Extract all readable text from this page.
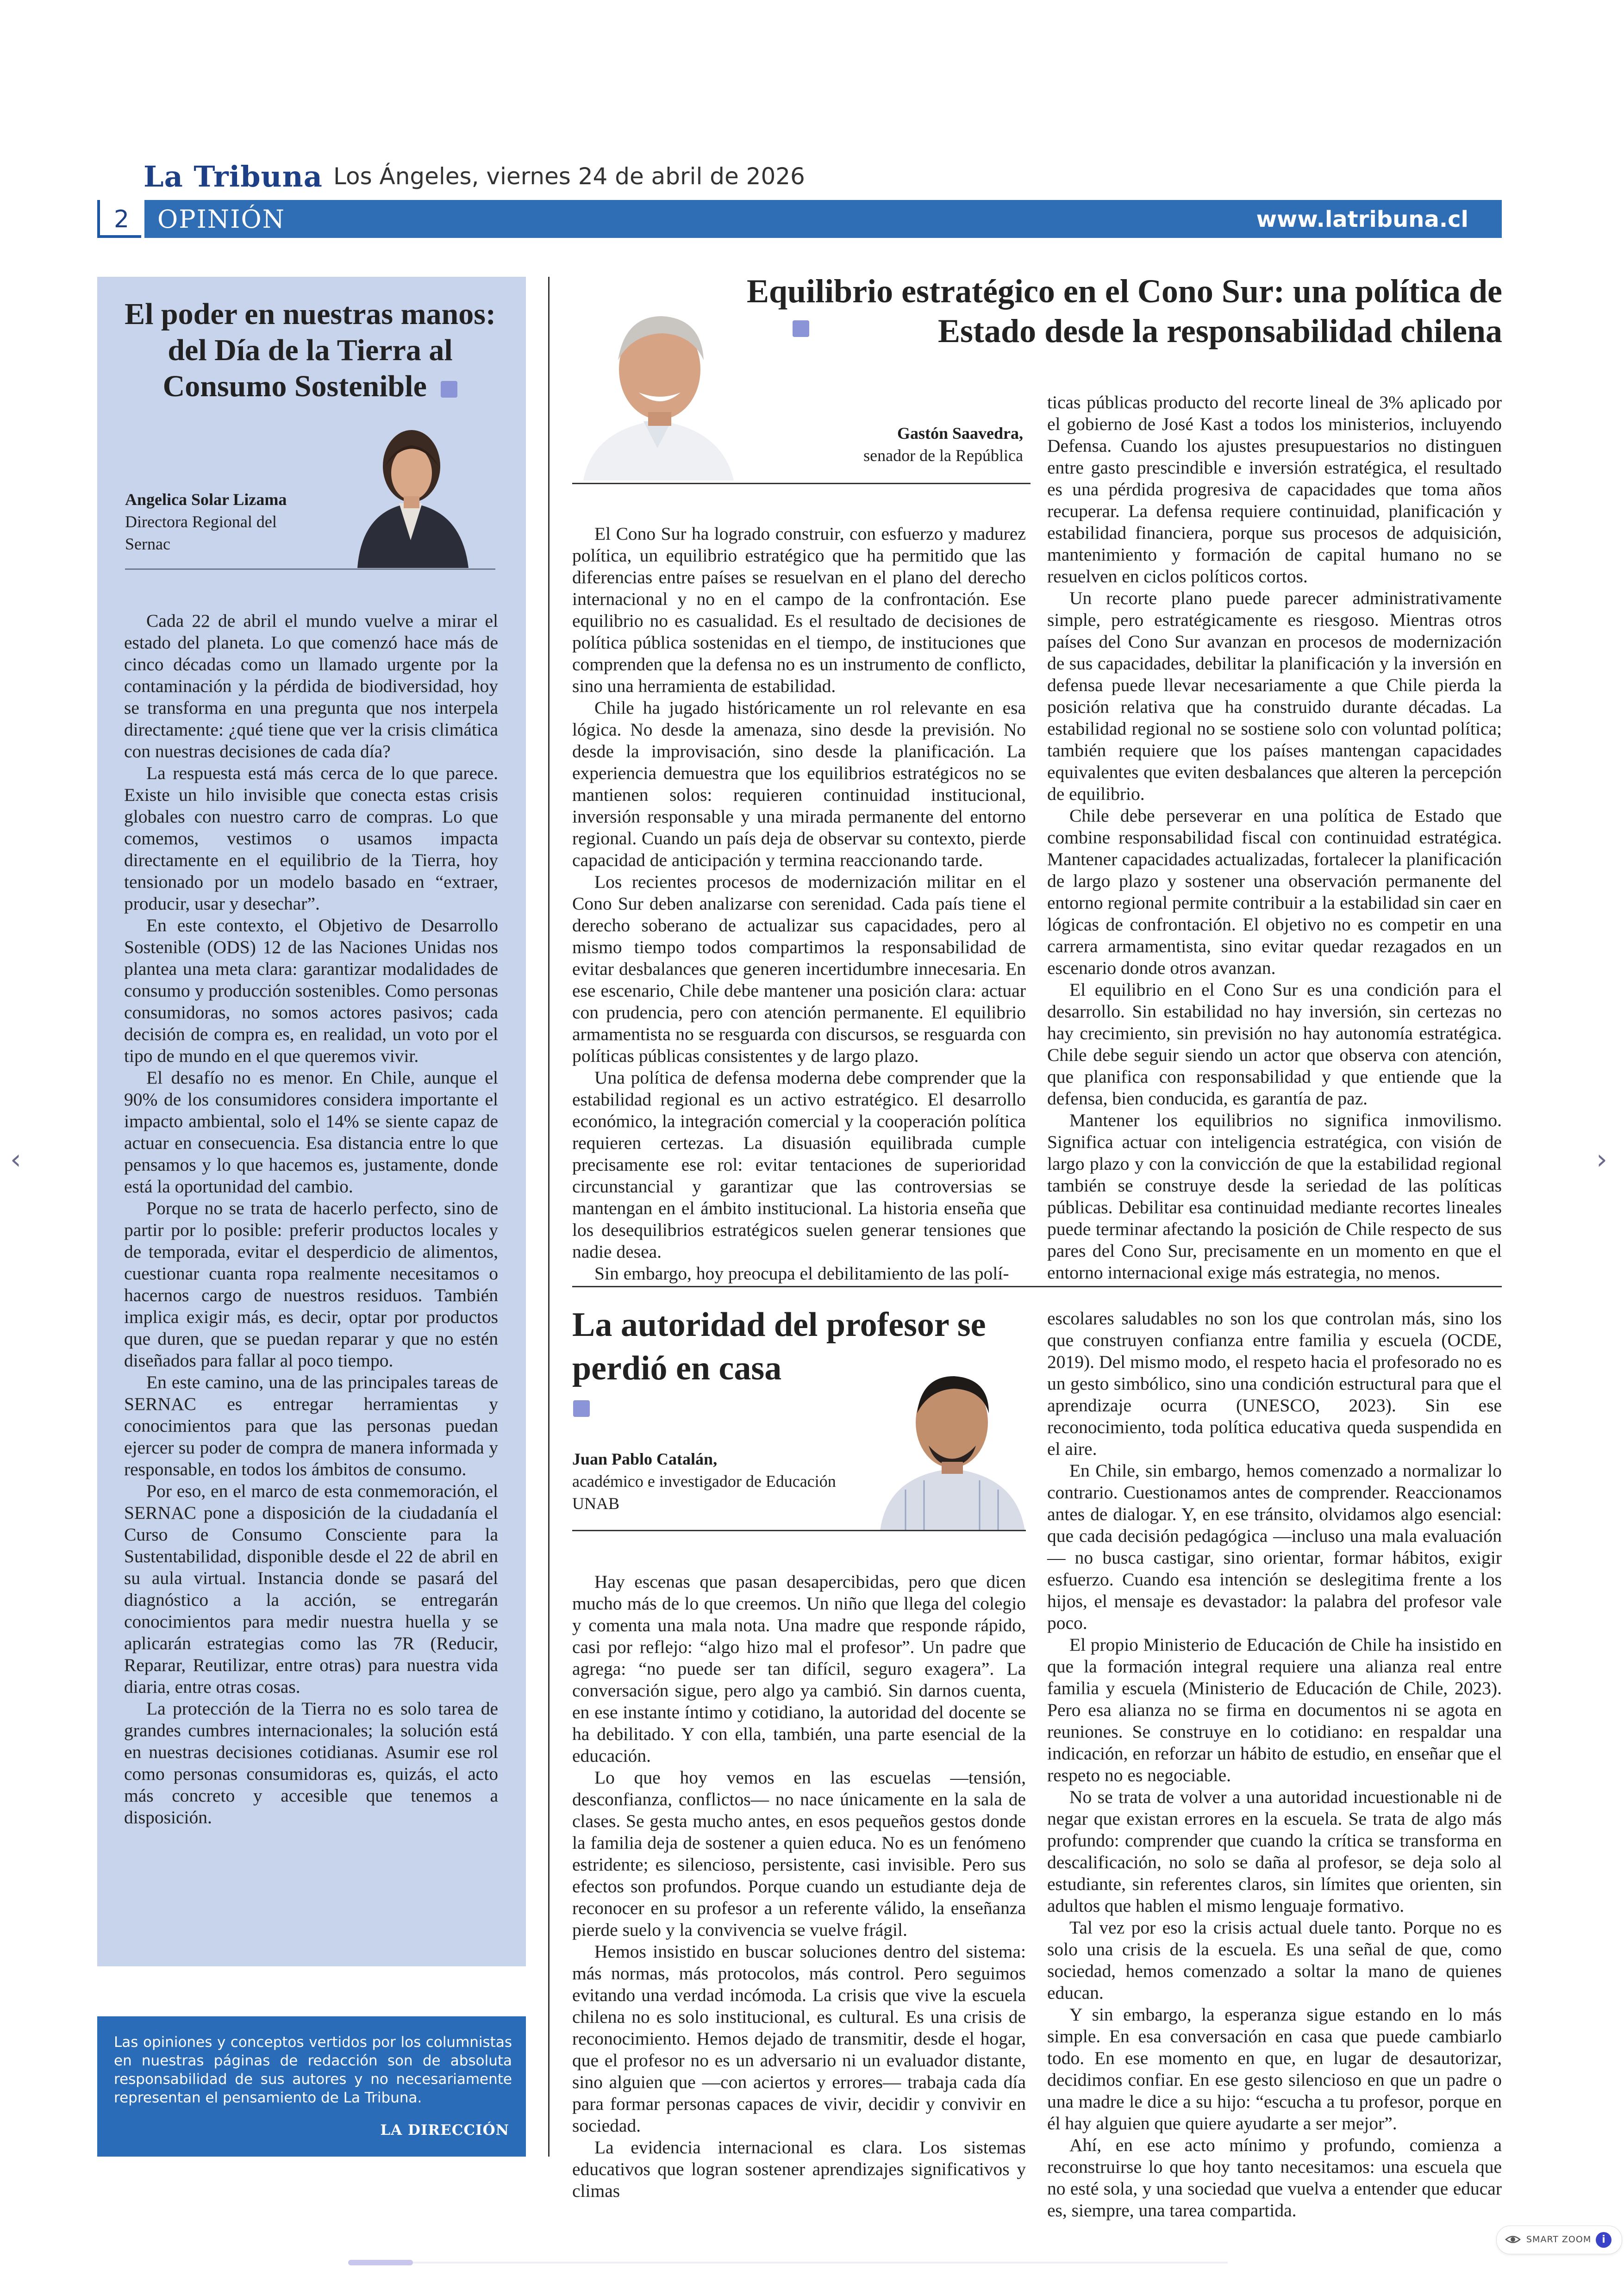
La Tribuna Los Ángeles, viernes 24 de abril de 2026
2	OPINIÓN	www.latribuna.cl
El poder en nuestras manos: del Día de la Tierra al Consumo Sostenible
Angelica Solar Lizama
Directora Regional del Sernac

Cada 22 de abril el mundo vuelve a mirar el estado del planeta. Lo que comenzó hace más de cinco décadas como un llamado urgente por la contaminación y la pérdida de biodiversidad, hoy se transforma en una pregunta que nos interpela directamente: ¿qué tiene que ver la crisis climática con nuestras decisiones de cada día?

La respuesta está más cerca de lo que parece. Existe un hilo invisible que conecta estas crisis globales con nuestro carro de compras. Lo que comemos, vestimos o usamos impacta directamente en el equilibrio de la Tierra, hoy tensionado por un modelo basado en “extraer, producir, usar y desechar”.

En este contexto, el Objetivo de Desarrollo Sostenible (ODS) 12 de las Naciones Unidas nos plantea una meta clara: garantizar modalidades de consumo y producción sostenibles. Como personas consumidoras, no somos actores pasivos; cada decisión de compra es, en realidad, un voto por el tipo de mundo en el que queremos vivir.

El desafío no es menor. En Chile, aunque el 90% de los consumidores considera importante el impacto ambiental, solo el 14% se siente capaz de actuar en consecuencia. Esa distancia entre lo que pensamos y lo que hacemos es, justamente, donde está la oportunidad del cambio.

Porque no se trata de hacerlo perfecto, sino de partir por lo posible: preferir productos locales y de temporada, evitar el desperdicio de alimentos, cuestionar cuanta ropa realmente necesitamos o hacernos cargo de nuestros residuos. También implica exigir más, es decir, optar por productos que duren, que se puedan reparar y que no estén diseñados para fallar al poco tiempo.

En este camino, una de las principales tareas de SERNAC es entregar herramientas y conocimientos para que las personas puedan ejercer su poder de compra de manera informada y responsable, en todos los ámbitos de consumo.

Por eso, en el marco de esta conmemoración, el SERNAC pone a disposición de la ciudadanía el Curso de Consumo Consciente para la Sustentabilidad, disponible desde el 22 de abril en su aula virtual. Instancia donde se pasará del diagnóstico a la acción, se entregarán conocimientos para medir nuestra huella y se aplicarán estrategias como las 7R (Reducir, Reparar, Reutilizar, entre otras) para nuestra vida diaria, entre otras cosas.

La protección de la Tierra no es solo tarea de grandes cumbres internacionales; la solución está en nuestras decisiones cotidianas. Asumir ese rol como personas consumidoras es, quizás, el acto más concreto y accesible que tenemos a disposición.

Las opiniones y conceptos vertidos por los columnistas en nuestras páginas de redacción son de absoluta responsabilidad de sus autores y no necesariamente representan el pensamiento de La Tribuna.
LA DIRECCIÓN
Equilibrio estratégico en el Cono Sur: una política de Estado desde la responsabilidad chilena
Gastón Saavedra,
senador de la República

El Cono Sur ha logrado construir, con esfuerzo y madurez política, un equilibrio estratégico que ha permitido que las diferencias entre países se resuelvan en el plano del derecho internacional y no en el campo de la confrontación. Ese equilibrio no es casualidad. Es el resultado de decisiones de política pública sostenidas en el tiempo, de instituciones que comprenden que la defensa no es un instrumento de conflicto, sino una herramienta de estabilidad.

Chile ha jugado históricamente un rol relevante en esa lógica. No desde la amenaza, sino desde la previsión. No desde la improvisación, sino desde la planificación. La experiencia demuestra que los equilibrios estratégicos no se mantienen solos: requieren continuidad institucional, inversión responsable y una mirada permanente del entorno regional. Cuando un país deja de observar su contexto, pierde capacidad de anticipación y termina reaccionando tarde.

Los recientes procesos de modernización militar en el Cono Sur deben analizarse con serenidad. Cada país tiene el derecho soberano de actualizar sus capacidades, pero al mismo tiempo todos compartimos la responsabilidad de evitar desbalances que generen incertidumbre innecesaria. En ese escenario, Chile debe mantener una posición clara: actuar con prudencia, pero con atención permanente. El equilibrio armamentista no se resguarda con discursos, se resguarda con políticas públicas consistentes y de largo plazo.

Una política de defensa moderna debe comprender que la estabilidad regional es un activo estratégico. El desarrollo económico, la integración comercial y la cooperación política requieren certezas. La disuasión equilibrada cumple precisamente ese rol: evitar tentaciones de superioridad circunstancial y garantizar que las controversias se mantengan en el ámbito institucional. La historia enseña que los desequilibrios estratégicos suelen generar tensiones que nadie desea.

Sin embargo, hoy preocupa el debilitamiento de las polí-

ticas públicas producto del recorte lineal de 3% aplicado por el gobierno de José Kast a todos los ministerios, incluyendo Defensa. Cuando los ajustes presupuestarios no distinguen entre gasto prescindible e inversión estratégica, el resultado es una pérdida progresiva de capacidades que toma años recuperar. La defensa requiere continuidad, planificación y estabilidad financiera, porque sus procesos de adquisición, mantenimiento y formación de capital humano no se resuelven en ciclos políticos cortos.

Un recorte plano puede parecer administrativamente simple, pero estratégicamente es riesgoso. Mientras otros países del Cono Sur avanzan en procesos de modernización de sus capacidades, debilitar la planificación y la inversión en defensa puede llevar necesariamente a que Chile pierda la posición relativa que ha construido durante décadas. La estabilidad regional no se sostiene solo con voluntad política; también requiere que los países mantengan capacidades equivalentes que eviten desbalances que alteren la percepción de equilibrio.

Chile debe perseverar en una política de Estado que combine responsabilidad fiscal con continuidad estratégica. Mantener capacidades actualizadas, fortalecer la planificación de largo plazo y sostener una observación permanente del entorno regional permite contribuir a la estabilidad sin caer en lógicas de confrontación. El objetivo no es competir en una carrera armamentista, sino evitar quedar rezagados en un escenario donde otros avanzan.

El equilibrio en el Cono Sur es una condición para el desarrollo. Sin estabilidad no hay inversión, sin certezas no hay crecimiento, sin previsión no hay autonomía estratégica. Chile debe seguir siendo un actor que observa con atención, que planifica con responsabilidad y que entiende que la defensa, bien conducida, es garantía de paz.

Mantener los equilibrios no significa inmovilismo. Significa actuar con inteligencia estratégica, con visión de largo plazo y con la convicción de que la estabilidad regional también se construye desde la seriedad de las políticas públicas. Debilitar esa continuidad mediante recortes lineales puede terminar afectando la posición de Chile respecto de sus pares del Cono Sur, precisamente en un momento en que el entorno internacional exige más estrategia, no menos.

La autoridad del profesor se perdió en casa
Juan Pablo Catalán,
académico e investigador de Educación UNAB

Hay escenas que pasan desapercibidas, pero que dicen mucho más de lo que creemos. Un niño que llega del colegio y comenta una mala nota. Una madre que responde rápido, casi por reflejo: “algo hizo mal el profesor”. Un padre que agrega: “no puede ser tan difícil, seguro exagera”. La conversación sigue, pero algo ya cambió. Sin darnos cuenta, en ese instante íntimo y cotidiano, la autoridad del docente se ha debilitado. Y con ella, también, una parte esencial de la educación.

Lo que hoy vemos en las escuelas —tensión, desconfianza, conflictos— no nace únicamente en la sala de clases. Se gesta mucho antes, en esos pequeños gestos donde la familia deja de sostener a quien educa. No es un fenómeno estridente; es silencioso, persistente, casi invisible. Pero sus efectos son profundos. Porque cuando un estudiante deja de reconocer en su profesor a un referente válido, la enseñanza pierde suelo y la convivencia se vuelve frágil.

Hemos insistido en buscar soluciones dentro del sistema: más normas, más protocolos, más control. Pero seguimos evitando una verdad incómoda. La crisis que vive la escuela chilena no es solo institucional, es cultural. Es una crisis de reconocimiento. Hemos dejado de transmitir, desde el hogar, que el profesor no es un adversario ni un evaluador distante, sino alguien que —con aciertos y errores— trabaja cada día para formar personas capaces de vivir, decidir y convivir en sociedad.

La evidencia internacional es clara. Los sistemas educativos que logran sostener aprendizajes significativos y climas

escolares saludables no son los que controlan más, sino los que construyen confianza entre familia y escuela (OCDE, 2019). Del mismo modo, el respeto hacia el profesorado no es un gesto simbólico, sino una condición estructural para que el aprendizaje ocurra (UNESCO, 2023). Sin ese reconocimiento, toda política educativa queda suspendida en el aire.

En Chile, sin embargo, hemos comenzado a normalizar lo contrario. Cuestionamos antes de comprender. Reaccionamos antes de dialogar. Y, en ese tránsito, olvidamos algo esencial: que cada decisión pedagógica —incluso una mala evaluación— no busca castigar, sino orientar, formar hábitos, exigir esfuerzo. Cuando esa intención se deslegitima frente a los hijos, el mensaje es devastador: la palabra del profesor vale poco.

El propio Ministerio de Educación de Chile ha insistido en que la formación integral requiere una alianza real entre familia y escuela (Ministerio de Educación de Chile, 2023). Pero esa alianza no se firma en documentos ni se agota en reuniones. Se construye en lo cotidiano: en respaldar una indicación, en reforzar un hábito de estudio, en enseñar que el respeto no es negociable.

No se trata de volver a una autoridad incuestionable ni de negar que existan errores en la escuela. Se trata de algo más profundo: comprender que cuando la crítica se transforma en descalificación, no solo se daña al profesor, se deja solo al estudiante, sin referentes claros, sin límites que orienten, sin adultos que hablen el mismo lenguaje formativo.

Tal vez por eso la crisis actual duele tanto. Porque no es solo una crisis de la escuela. Es una señal de que, como sociedad, hemos comenzado a soltar la mano de quienes educan.

Y sin embargo, la esperanza sigue estando en lo más simple. En esa conversación en casa que puede cambiarlo todo. En ese momento en que, en lugar de desautorizar, decidimos confiar. En ese gesto silencioso en que un padre o una madre le dice a su hijo: “escucha a tu profesor, porque en él hay alguien que quiere ayudarte a ser mejor”.

Ahí, en ese acto mínimo y profundo, comienza a reconstruirse lo que hoy tanto necesitamos: una escuela que no esté sola, y una sociedad que vuelva a entender que educar es, siempre, una tarea compartida.

‹	›
SMART ZOOM	i
